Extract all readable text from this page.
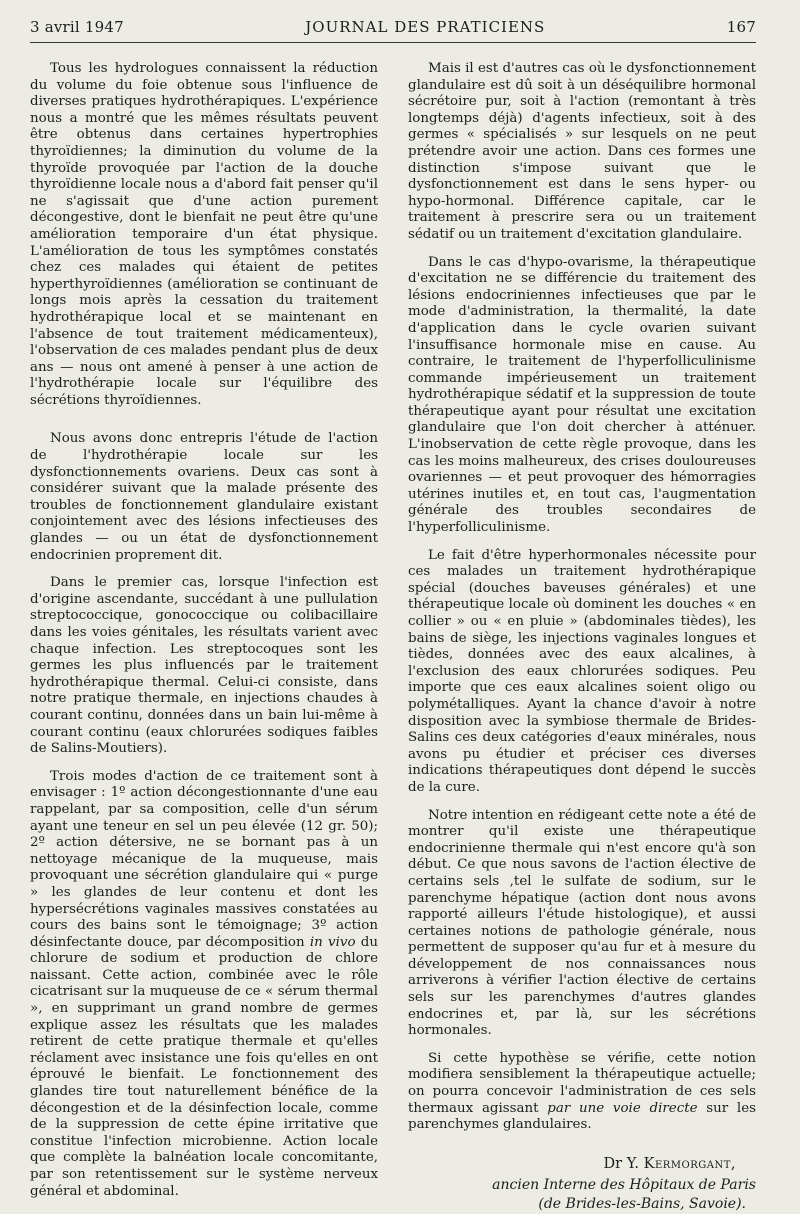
3 avril 1947	JOURNAL DES PRATICIENS	167

Tous les hydrologues connaissent la réduction du volume du foie obtenue sous l'influence de diverses pratiques hydrothérapiques. L'expérience nous a montré que les mêmes résultats peuvent être obtenus dans certaines hypertrophies thyroïdiennes; la diminution du volume de la thyroïde provoquée par l'action de la douche thyroïdienne locale nous a d'abord fait penser qu'il ne s'agissait que d'une action purement décongestive, dont le bienfait ne peut être qu'une amélioration temporaire d'un état physique. L'amélioration de tous les symptômes constatés chez ces malades qui étaient de petites hyperthyroïdiennes (amélioration se continuant de longs mois après la cessation du traitement hydrothérapique local et se maintenant en l'absence de tout traitement médicamenteux), l'observation de ces malades pendant plus de deux ans — nous ont amené à penser à une action de l'hydrothérapie locale sur l'équilibre des sécrétions thyroïdiennes.

Nous avons donc entrepris l'étude de l'action de l'hydrothérapie locale sur les dysfonctionnements ovariens. Deux cas sont à considérer suivant que la malade présente des troubles de fonctionnement glandulaire existant conjointement avec des lésions infectieuses des glandes — ou un état de dysfonctionnement endocrinien proprement dit.

Dans le premier cas, lorsque l'infection est d'origine ascendante, succédant à une pullulation streptococcique, gonococcique ou colibacillaire dans les voies génitales, les résultats varient avec chaque infection. Les streptocoques sont les germes les plus influencés par le traitement hydrothérapique thermal. Celui-ci consiste, dans notre pratique thermale, en injections chaudes à courant continu, données dans un bain lui-même à courant continu (eaux chlorurées sodiques faibles de Salins-Moutiers).

Trois modes d'action de ce traitement sont à envisager : 1º action décongestionnante d'une eau rappelant, par sa composition, celle d'un sérum ayant une teneur en sel un peu élevée (12 gr. 50); 2º action détersive, ne se bornant pas à un nettoyage mécanique de la muqueuse, mais provoquant une sécrétion glandulaire qui « purge » les glandes de leur contenu et dont les hypersécrétions vaginales massives constatées au cours des bains sont le témoignage; 3º action désinfectante douce, par décomposition in vivo du chlorure de sodium et production de chlore naissant. Cette action, combinée avec le rôle cicatrisant sur la muqueuse de ce « sérum thermal », en supprimant un grand nombre de germes explique assez les résultats que les malades retirent de cette pratique thermale et qu'elles réclament avec insistance une fois qu'elles en ont éprouvé le bienfait. Le fonctionnement des glandes tire tout naturellement bénéfice de la décongestion et de la désinfection locale, comme de la suppression de cette épine irritative que constitue l'infection microbienne. Action locale que complète la balnéation locale concomitante, par son retentissement sur le système nerveux général et abdominal.

Mais il est d'autres cas où le dysfonctionnement glandulaire est dû soit à un déséquilibre hormonal sécrétoire pur, soit à l'action (remontant à très longtemps déjà) d'agents infectieux, soit à des germes « spécialisés » sur lesquels on ne peut prétendre avoir une action. Dans ces formes une distinction s'impose suivant que le dysfonctionnement est dans le sens hyper- ou hypo-hormonal. Différence capitale, car le traitement à prescrire sera ou un traitement sédatif ou un traitement d'excitation glandulaire.

Dans le cas d'hypo-ovarisme, la thérapeutique d'excitation ne se différencie du traitement des lésions endocriniennes infectieuses que par le mode d'administration, la thermalité, la date d'application dans le cycle ovarien suivant l'insuffisance hormonale mise en cause. Au contraire, le traitement de l'hyperfolliculinisme commande impérieusement un traitement hydrothérapique sédatif et la suppression de toute thérapeutique ayant pour résultat une excitation glandulaire que l'on doit chercher à atténuer. L'inobservation de cette règle provoque, dans les cas les moins malheureux, des crises douloureuses ovariennes — et peut provoquer des hémorragies utérines inutiles et, en tout cas, l'augmentation générale des troubles secondaires de l'hyperfolliculinisme.

Le fait d'être hyperhormonales nécessite pour ces malades un traitement hydrothérapique spécial (douches baveuses générales) et une thérapeutique locale où dominent les douches « en collier » ou « en pluie » (abdominales tièdes), les bains de siège, les injections vaginales longues et tièdes, données avec des eaux alcalines, à l'exclusion des eaux chlorurées sodiques. Peu importe que ces eaux alcalines soient oligo ou polymétalliques. Ayant la chance d'avoir à notre disposition avec la symbiose thermale de Brides-Salins ces deux catégories d'eaux minérales, nous avons pu étudier et préciser ces diverses indications thérapeutiques dont dépend le succès de la cure.

Notre intention en rédigeant cette note a été de montrer qu'il existe une thérapeutique endocrinienne thermale qui n'est encore qu'à son début. Ce que nous savons de l'action élective de certains sels ,tel le sulfate de sodium, sur le parenchyme hépatique (action dont nous avons rapporté ailleurs l'étude histologique), et aussi certaines notions de pathologie générale, nous permettent de supposer qu'au fur et à mesure du développement de nos connaissances nous arriverons à vérifier l'action élective de certains sels sur les parenchymes d'autres glandes endocrines et, par là, sur les sécrétions hormonales.

Si cette hypothèse se vérifie, cette notion modifiera sensiblement la thérapeutique actuelle; on pourra concevoir l'administration de ces sels thermaux agissant par une voie directe sur les parenchymes glandulaires.

Dr Y. Kermorgant,
ancien Interne des Hôpitaux de Paris
(de Brides-les-Bains, Savoie).
